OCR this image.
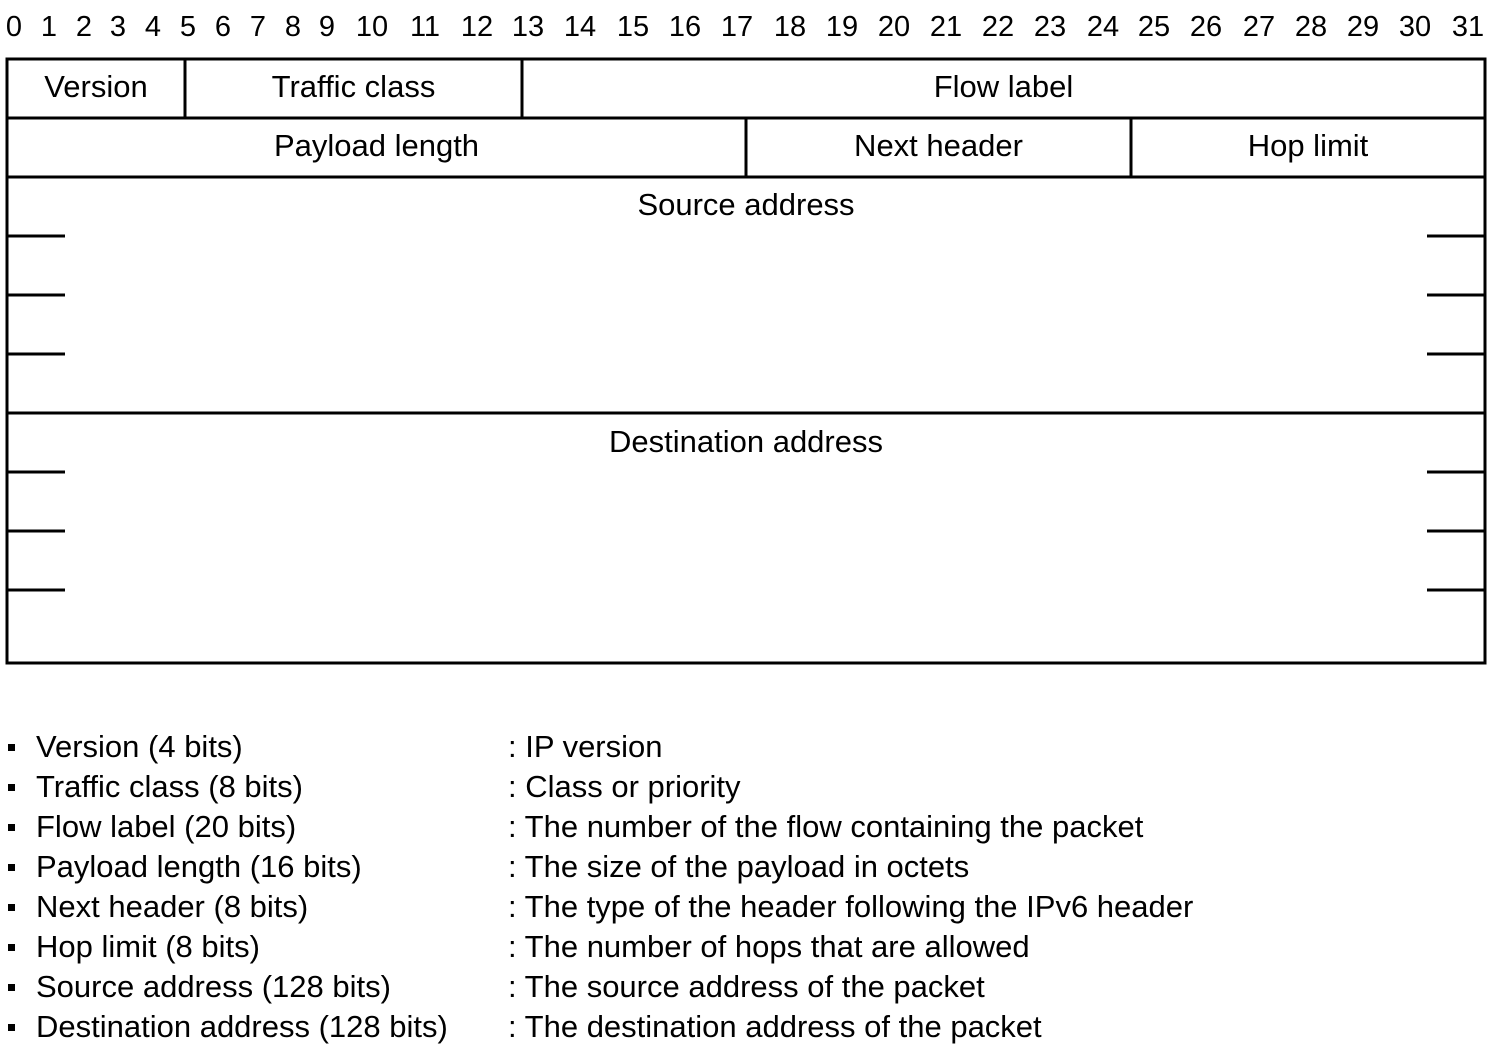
0 1 2 3 4 5 6 7 8 9 10 11 12 13 14 15 16 17 18 19 20 21 22 23 24 25 26 27 28 29 30 31
Version	Traffic class	Flow label
Payload length	Next header	Hop limit
Source address
Destination address
Version (4 bits)	: IP version
Traffic class (8 bits)	: Class or priority
Flow label (20 bits)	: The number of the flow containing the packet
Payload length (16 bits)	: The size of the payload in octets
Next header (8 bits)	: The type of the header following the IPv6 header
Hop limit (8 bits)	: The number of hops that are allowed
Source address (128 bits)	: The source address of the packet
Destination address (128 bits) : The destination address of the packet
